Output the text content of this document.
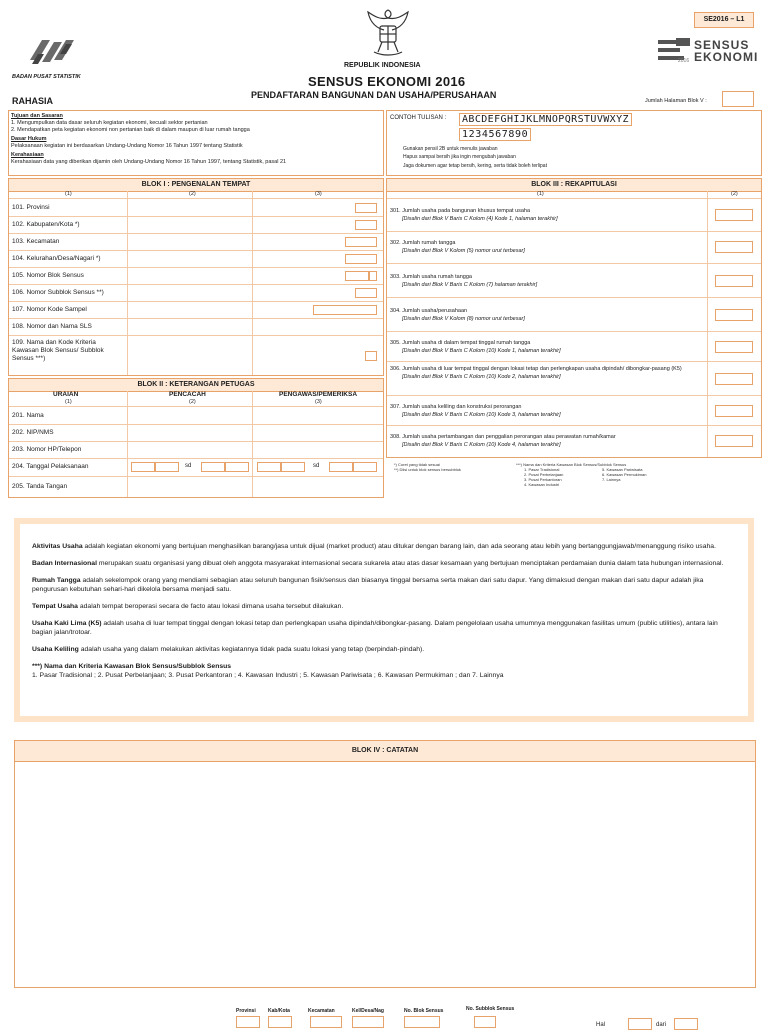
BADAN PUSAT STATISTIK
REPUBLIK INDONESIA
SENSUS EKONOMI 2016
PENDAFTARAN BANGUNAN DAN USAHA/PERUSAHAAN
RAHASIA
SE2016 – L1
SENSUS
EKONOMI
2016
Jumlah Halaman Blok V :
Tujuan dan Sasaran
1. Mengumpulkan data dasar seluruh kegiatan ekonomi, kecuali sektor pertanian
2. Mendapatkan peta kegiatan ekonomi non pertanian baik di dalam maupun di luar rumah tangga
Dasar Hukum
Pelaksanaan kegiatan ini berdasarkan Undang-Undang Nomor 16 Tahun 1997 tentang Statistik
Kerahasiaan
Kerahasiaan data yang diberikan dijamin oleh Undang-Undang Nomor 16 Tahun 1997, tentang Statistik, pasal 21
CONTOH TULISAN :	ABCDEFGHIJKLMNOPQRSTUVWXYZ
1234567890
Gunakan pensil 2B untuk menulis jawaban
Hapus sampai bersih jika ingin mengubah jawaban
Jaga dokumen agar tetap bersih, kering, serta tidak boleh terlipat
BLOK I : PENGENALAN TEMPAT
(1)	(2)	(3)
101. Provinsi
102. Kabupaten/Kota *)
103. Kecamatan
104. Kelurahan/Desa/Nagari *)
105. Nomor Blok Sensus
106. Nomor Subblok Sensus **)
107. Nomor Kode Sampel
108. Nomor dan Nama SLS
109. Nama dan Kode Kriteria Kawasan Blok Sensus/ Subblok Sensus ***)
BLOK II : KETERANGAN PETUGAS
URAIAN	PENCACAH	PENGAWAS/PEMERIKSA
(1)	(2)	(3)
201. Nama
202. NIP/NMS
203. Nomor HP/Telepon
204. Tanggal Pelaksanaan
205. Tanda Tangan
sd	sd
BLOK III : REKAPITULASI
(1)	(2)
301. Jumlah usaha pada bangunan khusus tempat usaha
[Disalin dari Blok V Baris C Kolom (4) Kode 1, halaman terakhir]
302. Jumlah rumah tangga
[Disalin dari Blok V Kolom (5) nomor urut terbesar]
303. Jumlah usaha rumah tangga
[Disalin dari Blok V Baris C Kolom (7) halaman terakhir]
304. Jumlah usaha/perusahaan
[Disalin dari Blok V Kolom (8) nomor urut terbesar]
305. Jumlah usaha di dalam tempat tinggal rumah tangga
[Disalin dari Blok V Baris C Kolom (10) Kode 1, halaman terakhir]
306. Jumlah usaha di luar tempat tinggal dengan lokasi tetap dan perlengkapan usaha dipindah/ dibongkar-pasang (K5)
[Disalin dari Blok V Baris C Kolom (10) Kode 2, halaman terakhir]
307. Jumlah usaha keliling dan konstruksi perorangan
[Disalin dari Blok V Baris C Kolom (10) Kode 3, halaman terakhir]
308. Jumlah usaha pertambangan dan penggalian perorangan atau perawatan rumah/kamar
[Disalin dari Blok V Baris C Kolom (10) Kode 4, halaman terakhir]
*) Coret yang tidak sesuai
**) Diisi untuk blok sensus bersubblok
***) Nama dan Kriteria Kawasan Blok Sensus/Subblok Sensus
1. Pasar Tradisional
2. Pusat Perbelanjaan
3. Pusat Perkantoran
4. Kawasan Industri
5. Kawasan Pariwisata
6. Kawasan Permukiman
7. Lainnya
Aktivitas Usaha adalah kegiatan ekonomi yang bertujuan menghasilkan barang/jasa untuk dijual (market product) atau ditukar dengan barang lain, dan ada seorang atau lebih yang bertanggungjawab/menanggung risiko usaha.
Badan Internasional merupakan suatu organisasi yang dibuat oleh anggota masyarakat internasional secara sukarela atau atas dasar kesamaan yang bertujuan menciptakan perdamaian dunia dalam tata hubungan internasional.
Rumah Tangga adalah sekelompok orang yang mendiami sebagian atau seluruh bangunan fisik/sensus dan biasanya tinggal bersama serta makan dari satu dapur. Yang dimaksud dengan makan dari satu dapur adalah jika pengurusan kebutuhan sehari-hari dikelola bersama menjadi satu.
Tempat Usaha adalah tempat beroperasi secara de facto atau lokasi dimana usaha tersebut dilakukan.
Usaha Kaki Lima (K5) adalah usaha di luar tempat tinggal dengan lokasi tetap dan perlengkapan usaha dipindah/dibongkar-pasang. Dalam pengelolaan usaha umumnya menggunakan fasilitas umum (public utilities), antara lain bagian jalan/trotoar.
Usaha Keliling adalah usaha yang dalam melakukan aktivitas kegiatannya tidak pada suatu lokasi yang tetap (berpindah-pindah).
***) Nama dan Kriteria Kawasan Blok Sensus/Subblok Sensus
1. Pasar Tradisional ; 2. Pusat Perbelanjaan; 3. Pusat Perkantoran ; 4. Kawasan Industri ; 5. Kawasan Pariwisata ; 6. Kawasan Permukiman ; dan 7. Lainnya
BLOK IV : CATATAN
Provinsi Kab/Kota	Kecamatan	Kel/Desa/Nag	No. Blok Sensus	No. Subblok Sensus
Hal	dari
